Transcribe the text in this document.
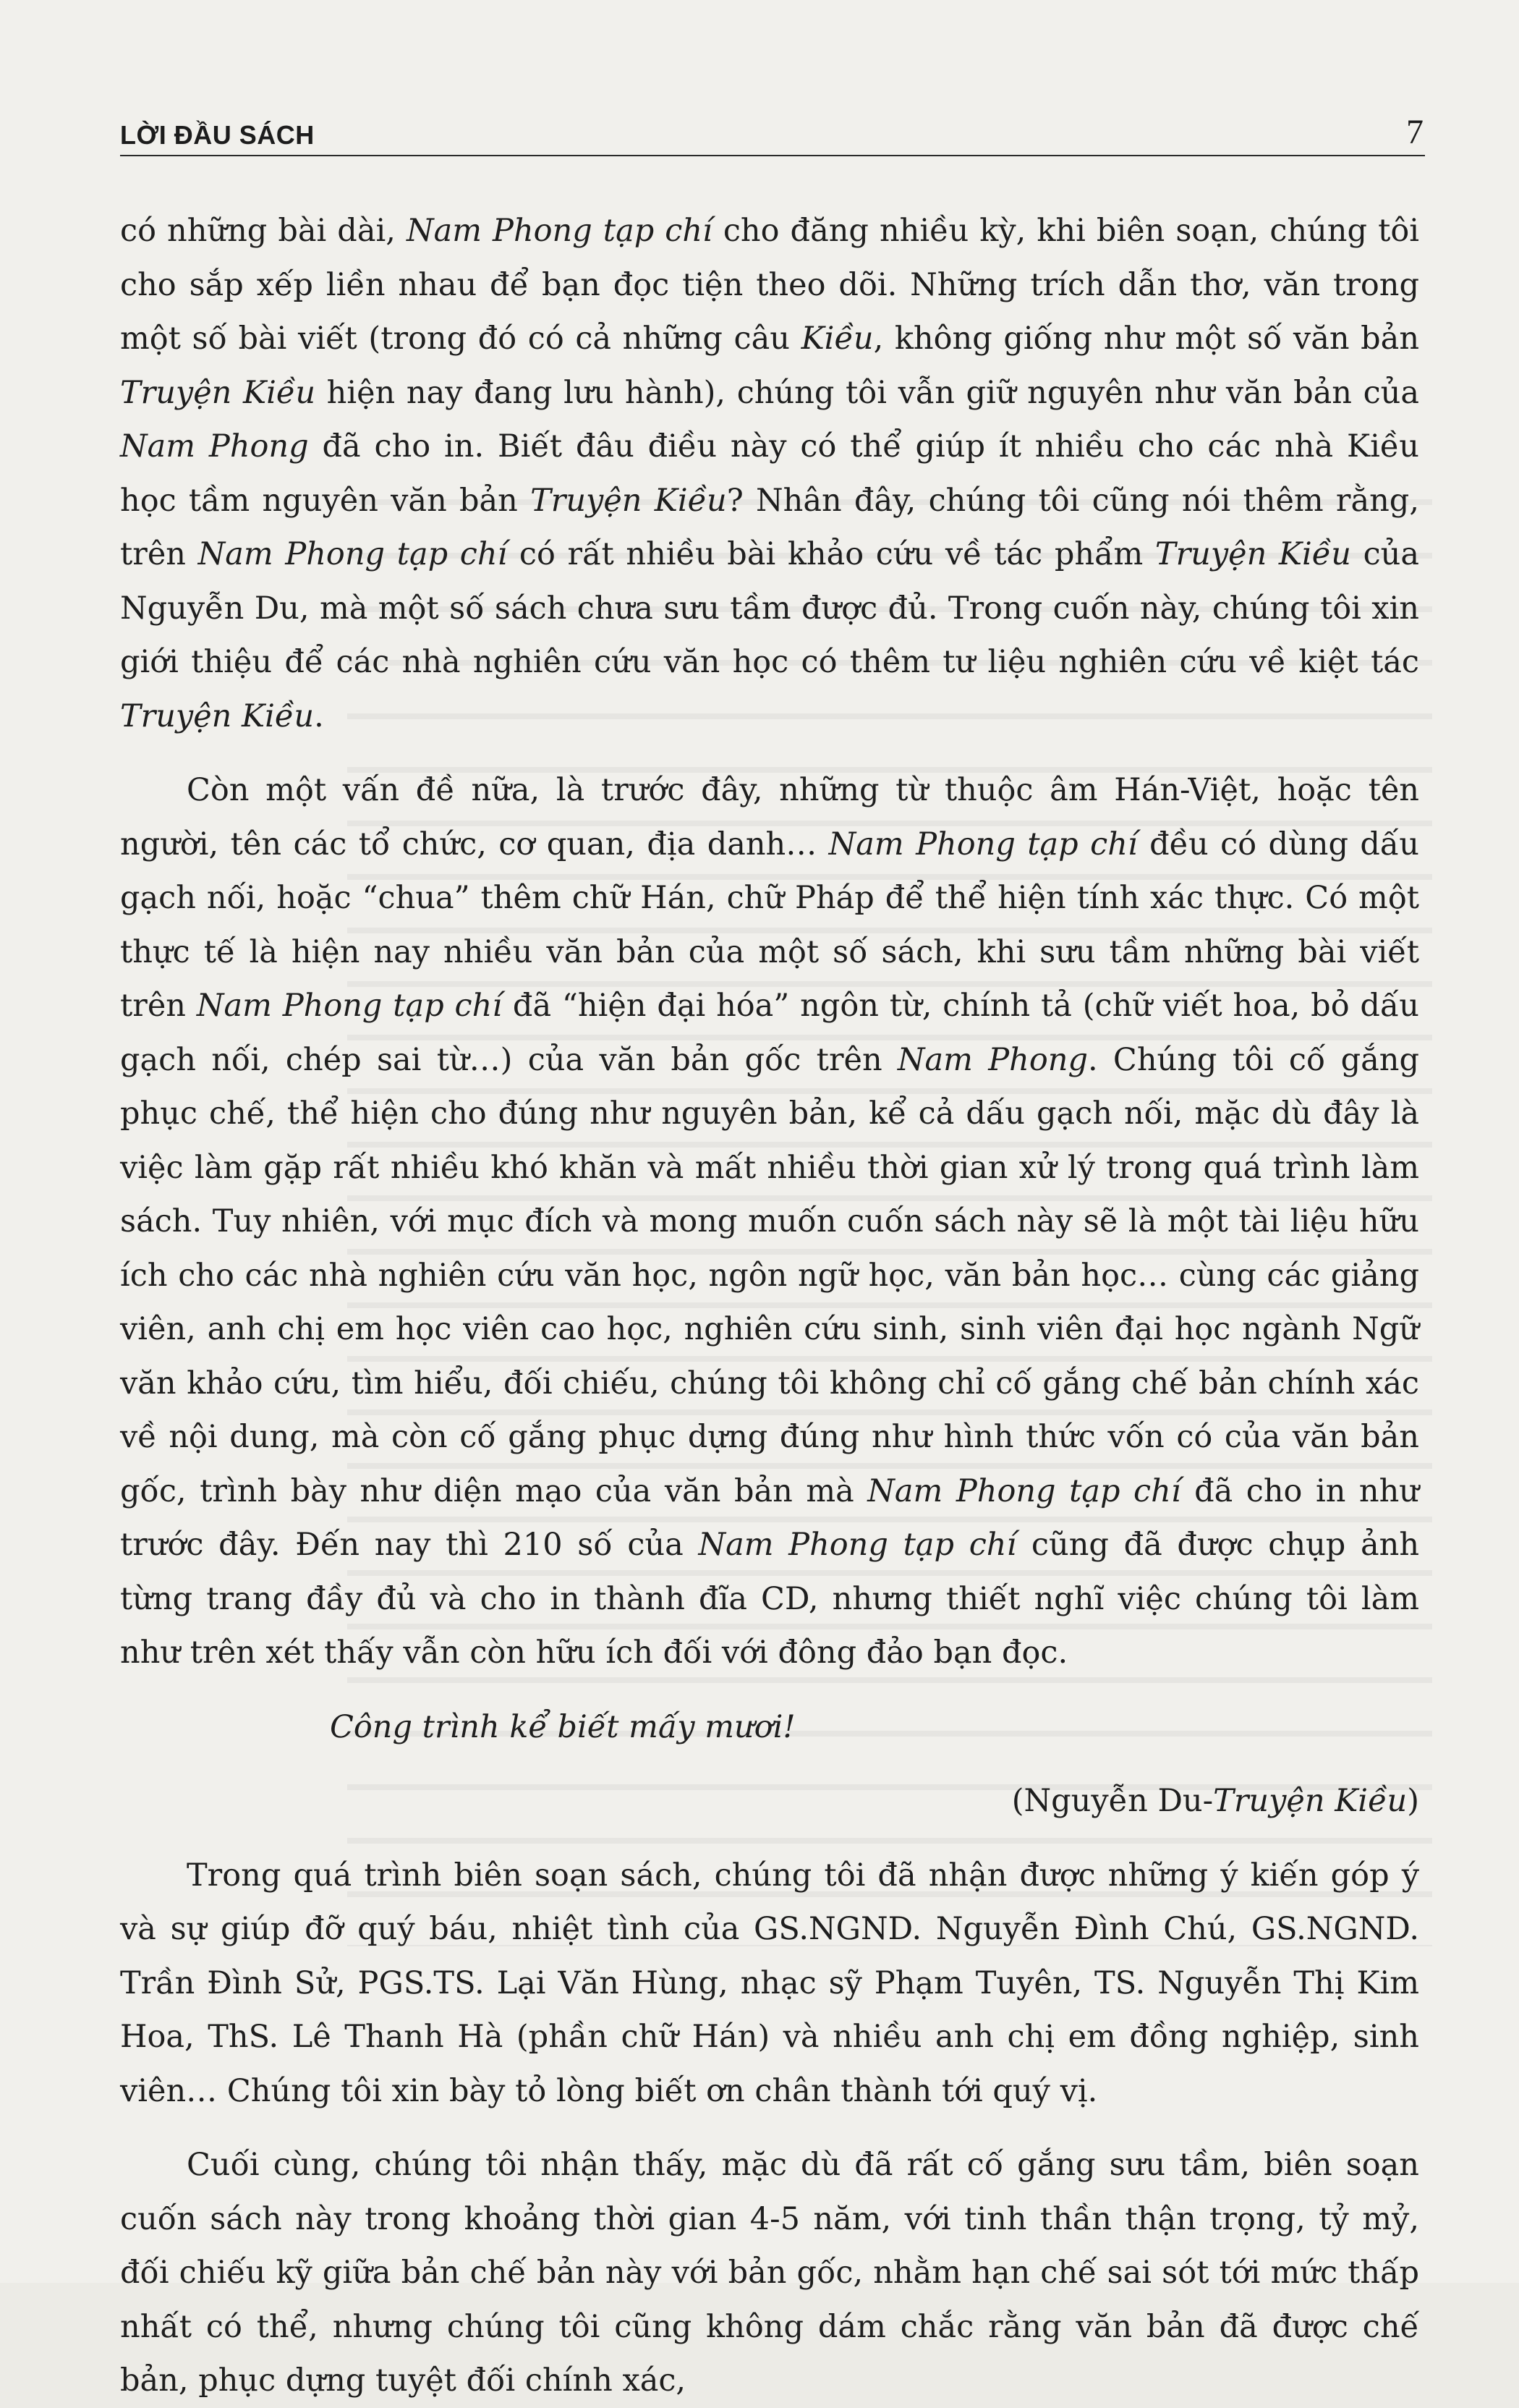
LỜI ĐẦU SÁCH	7

có những bài dài, Nam Phong tạp chí cho đăng nhiều kỳ, khi biên soạn, chúng tôi cho sắp xếp liền nhau để bạn đọc tiện theo dõi. Những trích dẫn thơ, văn trong một số bài viết (trong đó có cả những câu Kiều, không giống như một số văn bản Truyện Kiều hiện nay đang lưu hành), chúng tôi vẫn giữ nguyên như văn bản của Nam Phong đã cho in. Biết đâu điều này có thể giúp ít nhiều cho các nhà Kiều học tầm nguyên văn bản Truyện Kiều? Nhân đây, chúng tôi cũng nói thêm rằng, trên Nam Phong tạp chí có rất nhiều bài khảo cứu về tác phẩm Truyện Kiều của Nguyễn Du, mà một số sách chưa sưu tầm được đủ. Trong cuốn này, chúng tôi xin giới thiệu để các nhà nghiên cứu văn học có thêm tư liệu nghiên cứu về kiệt tác Truyện Kiều.

Còn một vấn đề nữa, là trước đây, những từ thuộc âm Hán-Việt, hoặc tên người, tên các tổ chức, cơ quan, địa danh… Nam Phong tạp chí đều có dùng dấu gạch nối, hoặc “chua” thêm chữ Hán, chữ Pháp để thể hiện tính xác thực. Có một thực tế là hiện nay nhiều văn bản của một số sách, khi sưu tầm những bài viết trên Nam Phong tạp chí đã “hiện đại hóa” ngôn từ, chính tả (chữ viết hoa, bỏ dấu gạch nối, chép sai từ…) của văn bản gốc trên Nam Phong. Chúng tôi cố gắng phục chế, thể hiện cho đúng như nguyên bản, kể cả dấu gạch nối, mặc dù đây là việc làm gặp rất nhiều khó khăn và mất nhiều thời gian xử lý trong quá trình làm sách. Tuy nhiên, với mục đích và mong muốn cuốn sách này sẽ là một tài liệu hữu ích cho các nhà nghiên cứu văn học, ngôn ngữ học, văn bản học… cùng các giảng viên, anh chị em học viên cao học, nghiên cứu sinh, sinh viên đại học ngành Ngữ văn khảo cứu, tìm hiểu, đối chiếu, chúng tôi không chỉ cố gắng chế bản chính xác về nội dung, mà còn cố gắng phục dựng đúng như hình thức vốn có của văn bản gốc, trình bày như diện mạo của văn bản mà Nam Phong tạp chí đã cho in như trước đây. Đến nay thì 210 số của Nam Phong tạp chí cũng đã được chụp ảnh từng trang đầy đủ và cho in thành đĩa CD, nhưng thiết nghĩ việc chúng tôi làm như trên xét thấy vẫn còn hữu ích đối với đông đảo bạn đọc.

Công trình kể biết mấy mươi!

(Nguyễn Du-Truyện Kiều)

Trong quá trình biên soạn sách, chúng tôi đã nhận được những ý kiến góp ý và sự giúp đỡ quý báu, nhiệt tình của GS.NGND. Nguyễn Đình Chú, GS.NGND. Trần Đình Sử, PGS.TS. Lại Văn Hùng, nhạc sỹ Phạm Tuyên, TS. Nguyễn Thị Kim Hoa, ThS. Lê Thanh Hà (phần chữ Hán) và nhiều anh chị em đồng nghiệp, sinh viên… Chúng tôi xin bày tỏ lòng biết ơn chân thành tới quý vị.

Cuối cùng, chúng tôi nhận thấy, mặc dù đã rất cố gắng sưu tầm, biên soạn cuốn sách này trong khoảng thời gian 4-5 năm, với tinh thần thận trọng, tỷ mỷ, đối chiếu kỹ giữa bản chế bản này với bản gốc, nhằm hạn chế sai sót tới mức thấp nhất có thể, nhưng chúng tôi cũng không dám chắc rằng văn bản đã được chế bản, phục dựng tuyệt đối chính xác,
